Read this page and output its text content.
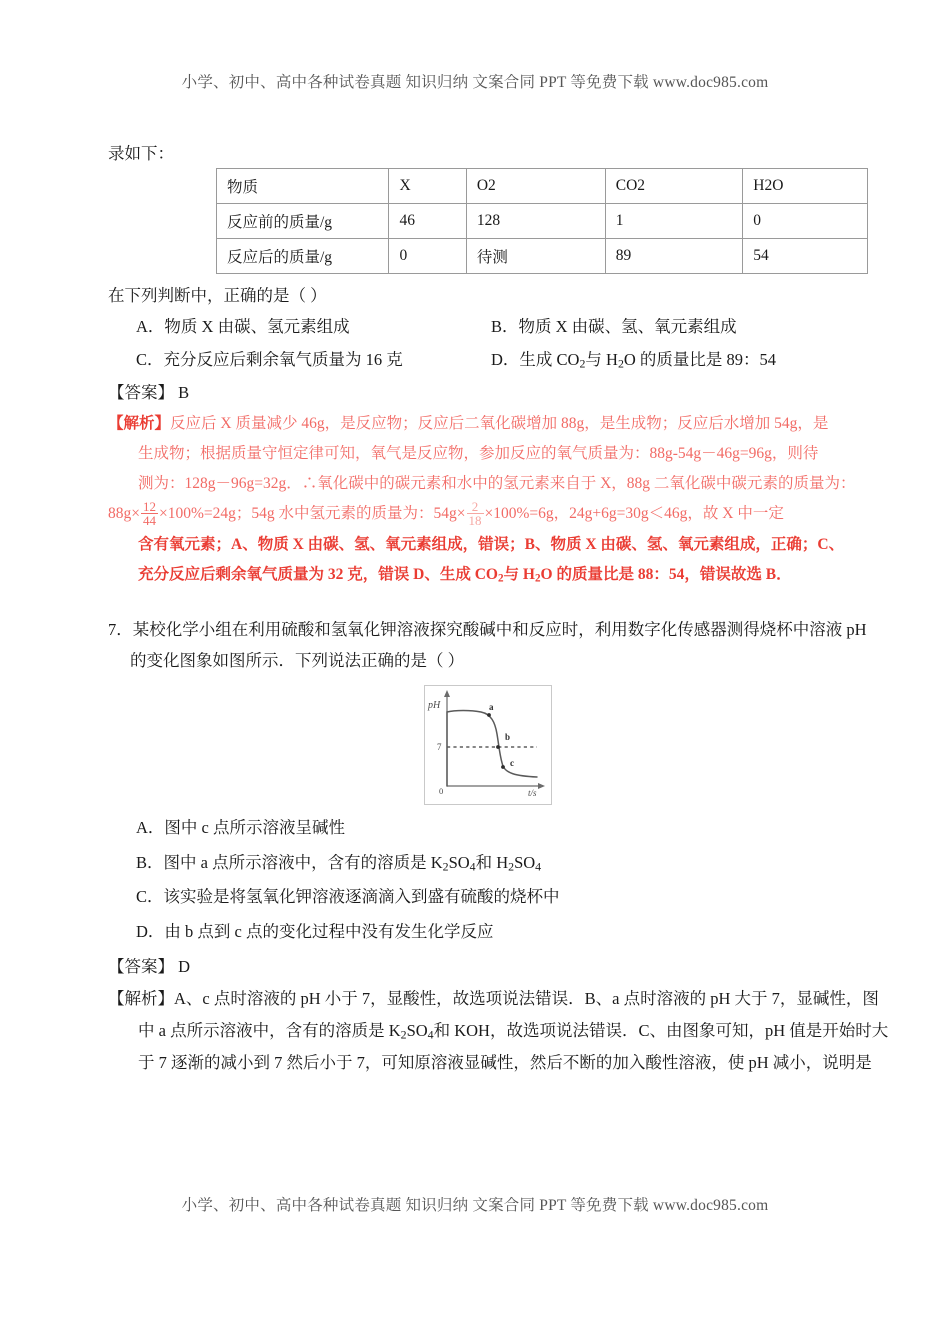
小学、初中、高中各种试卷真题 知识归纳 文案合同 PPT 等免费下载 www.doc985.com
录如下：
物质	X	O2	CO2	H2O
反应前的质量/g	46	128	1	0
反应后的质量/g	0	待测	89	54
在下列判断中，正确的是（ ）
A．物质 X 由碳、氢元素组成	B．物质 X 由碳、氢、氧元素组成
C．充分反应后剩余氧气质量为 16 克	D．生成 $CO_2$与 $H_2O$ 的质量比是 89：54
【答案】 B
【解析】反应后 X 质量减少 46g，是反应物；反应后二氧化碳增加 88g，是生成物；反应后水增加 54g，是
生成物；根据质量守恒定律可知，氧气是反应物，参加反应的氧气质量为：88g-54g－46g=96g，则待
测为：128g－96g=32g．∴氧化碳中的碳元素和水中的氢元素来自于 X，88g 二氧化碳中碳元素的质量为：
$88g\times \frac{12}{44} \times 100\%=24g$；54g 水中氢元素的质量为：$54g\times \frac{2}{18} \times 100\%=6g$，24g+6g=30g＜46g，故 X 中一定
含有氧元素；A、物质 X 由碳、氢、氧元素组成，错误；B、物质 X 由碳、氢、氧元素组成，正确；C、
充分反应后剩余氧气质量为 32 克，错误 D、生成 $CO_2$与 $H_2O$ 的质量比是 88：54，错误故选 B．
7．某校化学小组在利用硫酸和氢氧化钾溶液探究酸碱中和反应时，利用数字化传感器测得烧杯中溶液 pH
的变化图象如图所示．下列说法正确的是（ ）
pH
7
0	t/s
a
b
c
A．图中 c 点所示溶液呈碱性
B．图中 a 点所示溶液中，含有的溶质是 $K_2SO_4$和 $H_2SO_4$
C．该实验是将氢氧化钾溶液逐滴滴入到盛有硫酸的烧杯中
D．由 b 点到 c 点的变化过程中没有发生化学反应
【答案】 D
【解析】A、c 点时溶液的 pH 小于 7，显酸性，故选项说法错误．B、a 点时溶液的 pH 大于 7，显碱性，图
中 a 点所示溶液中，含有的溶质是 $K_2SO_4$和 KOH，故选项说法错误．C、由图象可知，pH 值是开始时大
于 7 逐渐的减小到 7 然后小于 7，可知原溶液显碱性，然后不断的加入酸性溶液，使 pH 减小，说明是
小学、初中、高中各种试卷真题 知识归纳 文案合同 PPT 等免费下载 www.doc985.com
